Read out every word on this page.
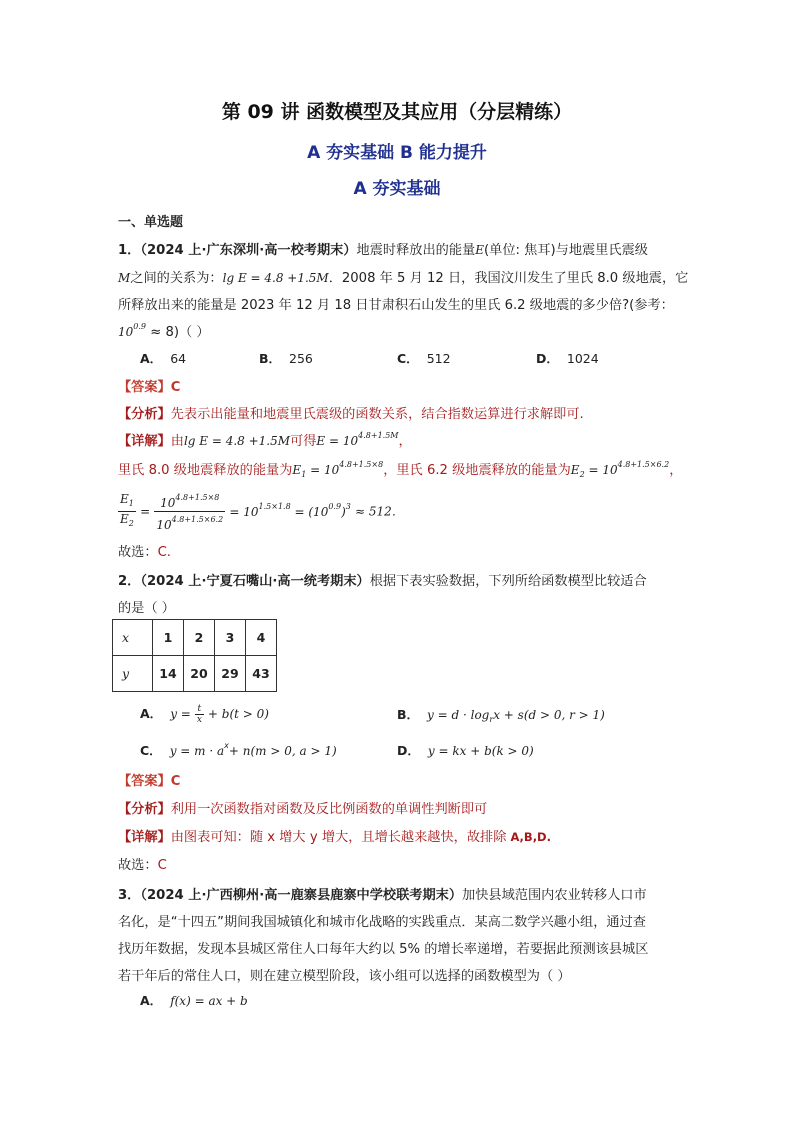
第 09 讲 函数模型及其应用（分层精练）
A 夯实基础 B 能力提升
A 夯实基础
一、单选题
1．（2024 上·广东深圳·高一校考期末）地震时释放出的能量E(单位: 焦耳)与地震里氏震级
M之间的关系为：lg E = 4.8 +1.5M．2008 年 5 月 12 日，我国汶川发生了里氏 8.0 级地震，它
所释放出来的能量是 2023 年 12 月 18 日甘肃积石山发生的里氏 6.2 级地震的多少倍?(参考：
$10^{0.9} \approx 8$)（ ）
A． 64	B． 256	C． 512	D． 1024
【答案】C
【分析】先表示出能量和地震里氏震级的函数关系，结合指数运算进行求解即可.
【详解】由lg E = 4.8 +1.5M可得$E = 10^{4.8+1.5M}$，
里氏 8.0 级地震释放的能量为$E_1 = 10^{4.8+1.5\times 8}$，里氏 6.2 级地震释放的能量为$E_2 = 10^{4.8+1.5\times 6.2}$，
$\frac{E_1}{E_2} = \frac{10^{4.8+1.5\times 8}}{10^{4.8+1.5\times 6.2}} = 10^{1.5\times 1.8} = (10^{0.9})^3 \approx 512$．
故选：C.
2．（2024 上·宁夏石嘴山·高一统考期末）根据下表实验数据，下列所给函数模型比较适合
的是（ ）
x	1	2	3	4
y	14	20	29	43
A． $y = \frac{t}{x} + b(t > 0)$	B． $y = d \cdot \log_rx + s(d > 0$, r > 1)
C． $y = m \cdot a^x+ n(m > 0$, a > 1)	D． y = kx + b(k > 0)
【答案】C
【分析】利用一次函数指对函数及反比例函数的单调性判断即可
【详解】由图表可知：随 x 增大 y 增大，且增长越来越快，故排除 A,B,D.
故选：C
3．（2024 上·广西柳州·高一鹿寨县鹿寨中学校联考期末）加快县域范围内农业转移人口市
名化，是“十四五”期间我国城镇化和城市化战略的实践重点．某高二数学兴趣小组，通过查
找历年数据，发现本县城区常住人口每年大约以 5% 的增长率递增，若要据此预测该县城区
若干年后的常住人口，则在建立模型阶段，该小组可以选择的函数模型为（ ）
A． f(x) = ax + b
